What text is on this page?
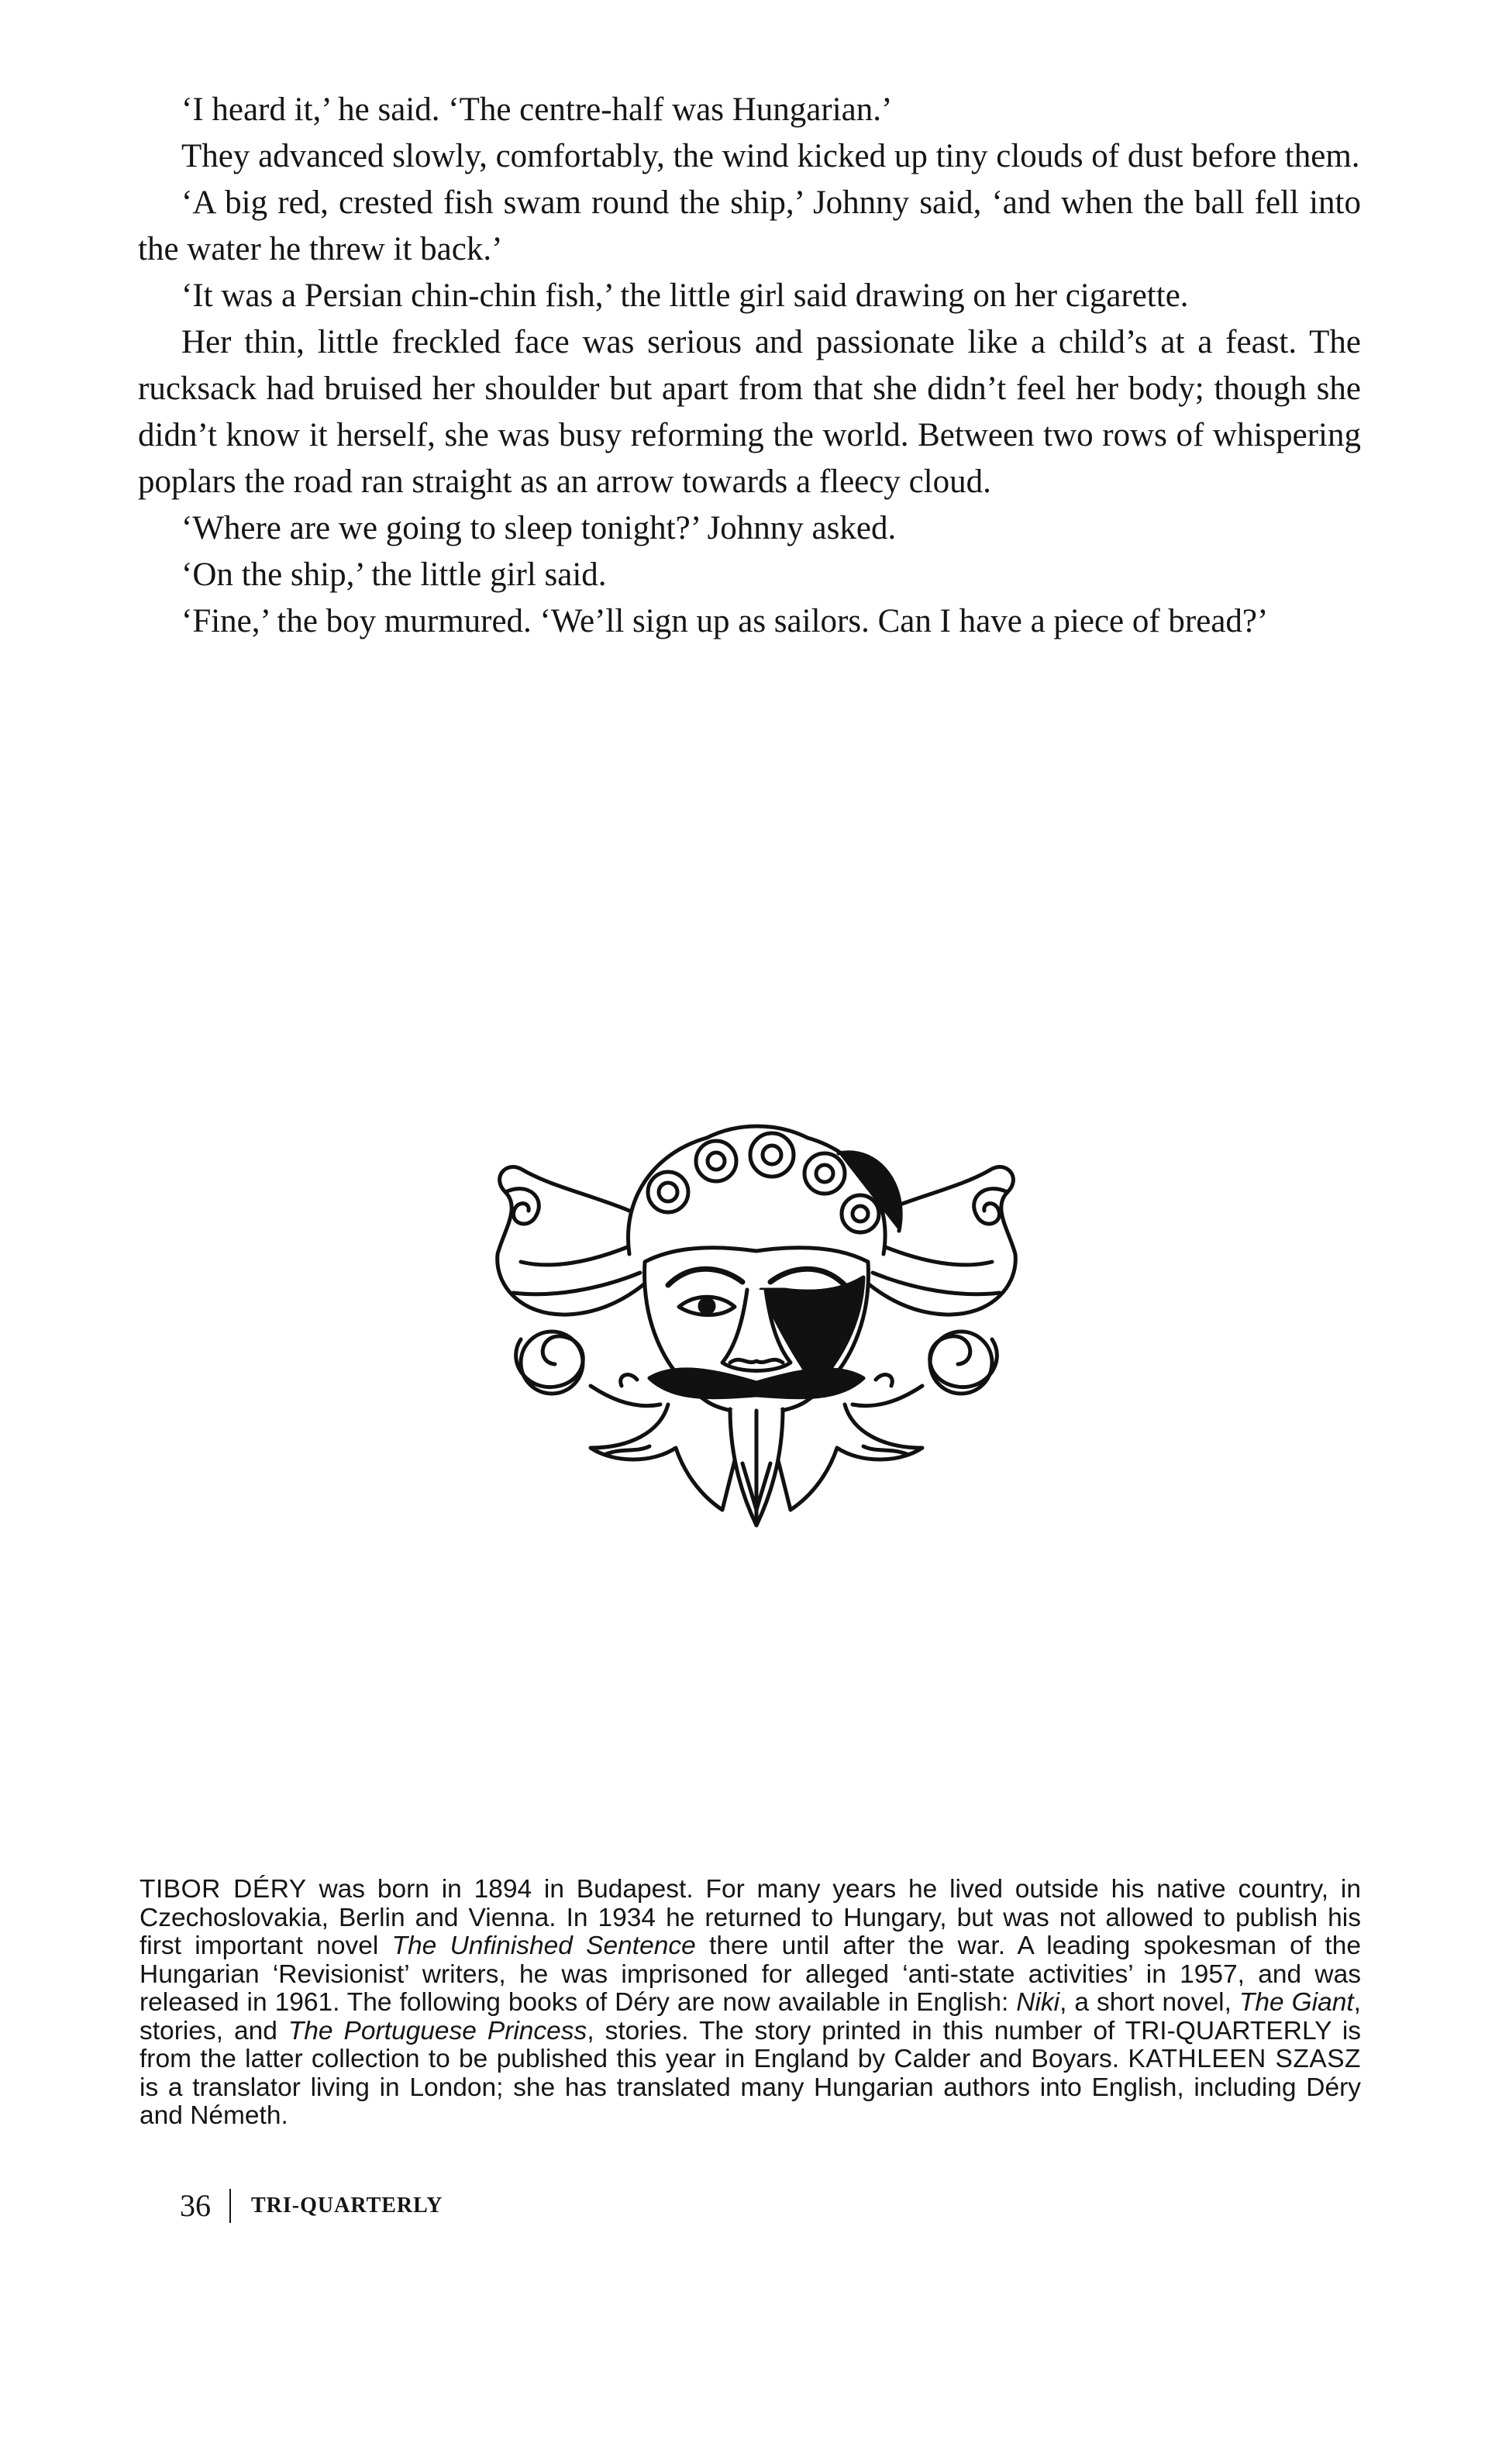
‘I heard it,’ he said. ‘The centre-half was Hungarian.’

They advanced slowly, comfortably, the wind kicked up tiny clouds of dust before them.

‘A big red, crested fish swam round the ship,’ Johnny said, ‘and when the ball fell into the water he threw it back.’

‘It was a Persian chin-chin fish,’ the little girl said drawing on her cigarette.

Her thin, little freckled face was serious and passionate like a child’s at a feast. The rucksack had bruised her shoulder but apart from that she didn’t feel her body; though she didn’t know it herself, she was busy reforming the world. Between two rows of whispering poplars the road ran straight as an arrow towards a fleecy cloud.

‘Where are we going to sleep tonight?’ Johnny asked.

‘On the ship,’ the little girl said.

‘Fine,’ the boy murmured. ‘We’ll sign up as sailors. Can I have a piece of bread?’

TIBOR DÉRY was born in 1894 in Budapest. For many years he lived outside his native country, in Czechoslovakia, Berlin and Vienna. In 1934 he returned to Hungary, but was not allowed to publish his first important novel The Unfinished Sentence there until after the war. A leading spokesman of the Hungarian ‘Revisionist’ writers, he was imprisoned for alleged ‘anti-state activities’ in 1957, and was released in 1961. The following books of Déry are now available in English: Niki, a short novel, The Giant, stories, and The Portuguese Princess, stories. The story printed in this number of TRI-QUARTERLY is from the latter collection to be published this year in England by Calder and Boyars. KATHLEEN SZASZ is a translator living in London; she has translated many Hungarian authors into English, including Déry and Németh.

36 TRI-QUARTERLY
